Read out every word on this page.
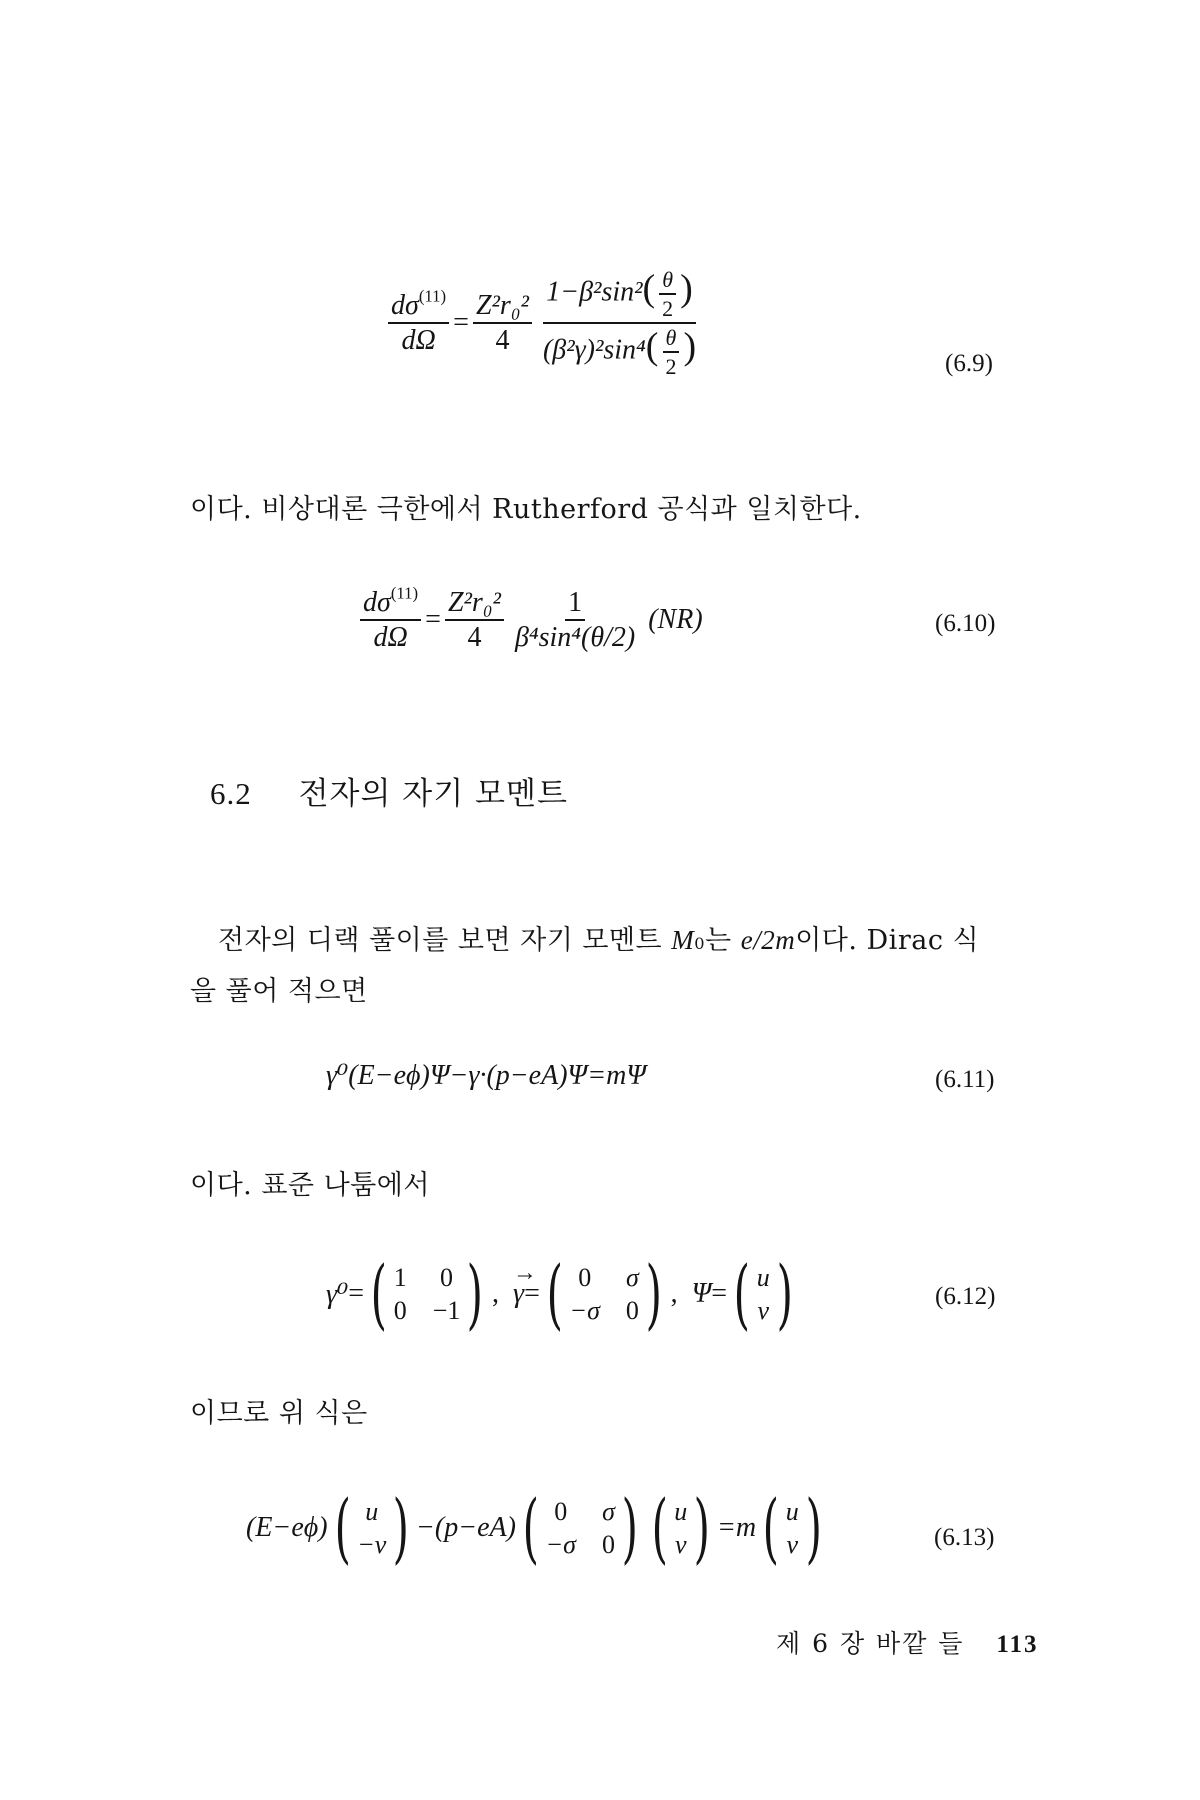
$\frac{d\sigma^{(11)}}{d\Omega} = \frac{\text{Z²r₀²}}{4} \frac{1-\beta^2\sin^2( \frac{\theta}{2} )}{(\beta^2\gamma)^2\sin^4( \frac{\theta}{2} )}$	(6.9)
이다. 비상대론 극한에서 Rutherford 공식과 일치한다.
$\frac{d\sigma^{(11)}}{d\Omega} = \frac{\text{Z²r₀²}}{4} \frac{1}{\text{β⁴sin⁴(θ/2)}} (NR)$	(6.10)
6.2 전자의 자기 모멘트
전자의 디랙 풀이를 보면 자기 모멘트 M0는 e/2m이다. Dirac 식
을 풀어 적으면
γ⁰(E−eϕ)Ψ−γ·(p−eA)Ψ=mΨ	(6.11)
이다. 표준 나툼에서
γ⁰ = ( 1 0
0 −1 ) ,
→ γ = ( 0	σ
−σ 0 ) , Ψ = ( u
v )	(6.12)
이므로 위 식은
(E−eϕ) ( u
−v ) −(p−eA) ( 0	σ
−σ 0 ) ( u
v ) =m ( u
v )	(6.13)
제 6 장 바깥 들 113
